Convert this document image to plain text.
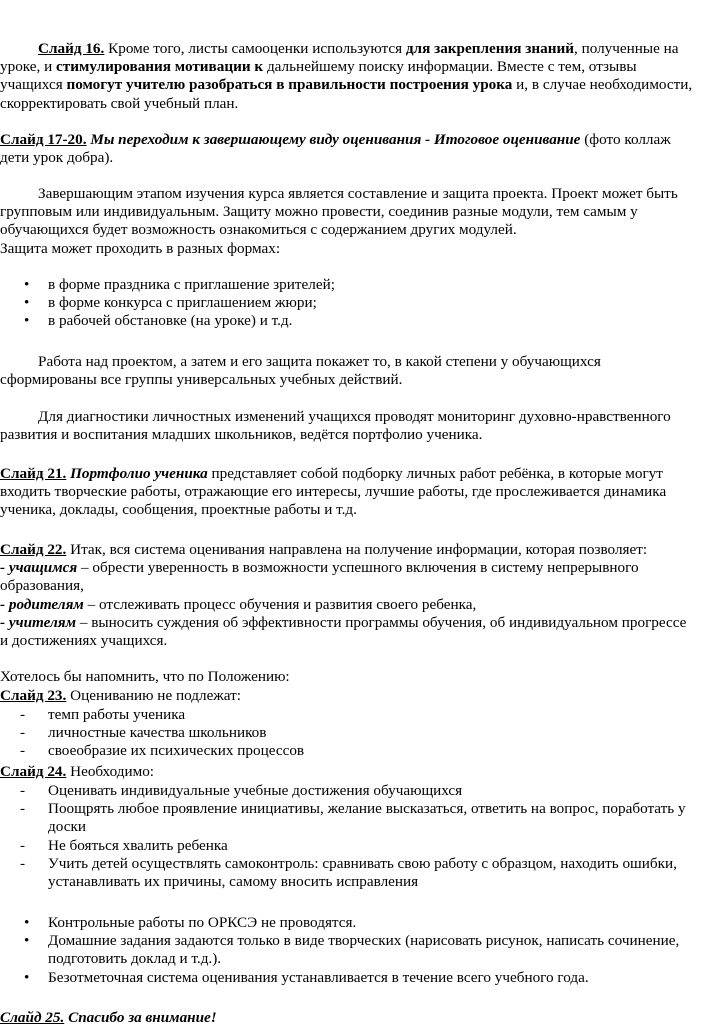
Слайд 16. Кроме того, листы самооценки используются для закрепления знаний, полученные на уроке, и стимулирования мотивации к дальнейшему поиску информации. Вместе с тем, отзывы учащихся помогут учителю разобраться в правильности построения урока и, в случае необходимости, скорректировать свой учебный план.

Слайд 17-20. Мы переходим к завершающему виду оценивания - Итоговое оценивание (фото коллаж дети урок добра).

Завершающим этапом изучения курса является составление и защита проекта. Проект может быть групповым или индивидуальным. Защиту можно провести, соединив разные модули, тем самым у обучающихся будет возможность ознакомиться с содержанием других модулей.

Защита может проходить в разных формах:

• в форме праздника с приглашение зрителей;
• в форме конкурса с приглашением жюри;
• в рабочей обстановке (на уроке) и т.д.

Работа над проектом, а затем и его защита покажет то, в какой степени у обучающихся сформированы все группы универсальных учебных действий.

Для диагностики личностных изменений учащихся проводят мониторинг духовно-нравственного развития и воспитания младших школьников, ведётся портфолио ученика.

Слайд 21. Портфолио ученика представляет собой подборку личных работ ребёнка, в которые могут входить творческие работы, отражающие его интересы, лучшие работы, где прослеживается динамика ученика, доклады, сообщения, проектные работы и т.д.

Слайд 22. Итак, вся система оценивания направлена на получение информации, которая позволяет:
- учащимся – обрести уверенность в возможности успешного включения в систему непрерывного образования,
- родителям – отслеживать процесс обучения и развития своего ребенка,
- учителям – выносить суждения об эффективности программы обучения, об индивидуальном прогрессе и достижениях учащихся.

Хотелось бы напомнить, что по Положению:

Слайд 23. Оцениванию не подлежат:

- темп работы ученика
- личностные качества школьников
- своеобразие их психических процессов

Слайд 24. Необходимо:

- Оценивать индивидуальные учебные достижения обучающихся
- Поощрять любое проявление инициативы, желание высказаться, ответить на вопрос, поработать у доски
- Не бояться хвалить ребенка
- Учить детей осуществлять самоконтроль: сравнивать свою работу с образцом, находить ошибки, устанавливать их причины, самому вносить исправления
• Контрольные работы по ОРКСЭ не проводятся.
• Домашние задания задаются только в виде творческих (нарисовать рисунок, написать сочинение, подготовить доклад и т.д.).
• Безотметочная система оценивания устанавливается в течение всего учебного года.

Слайд 25. Спасибо за внимание!
